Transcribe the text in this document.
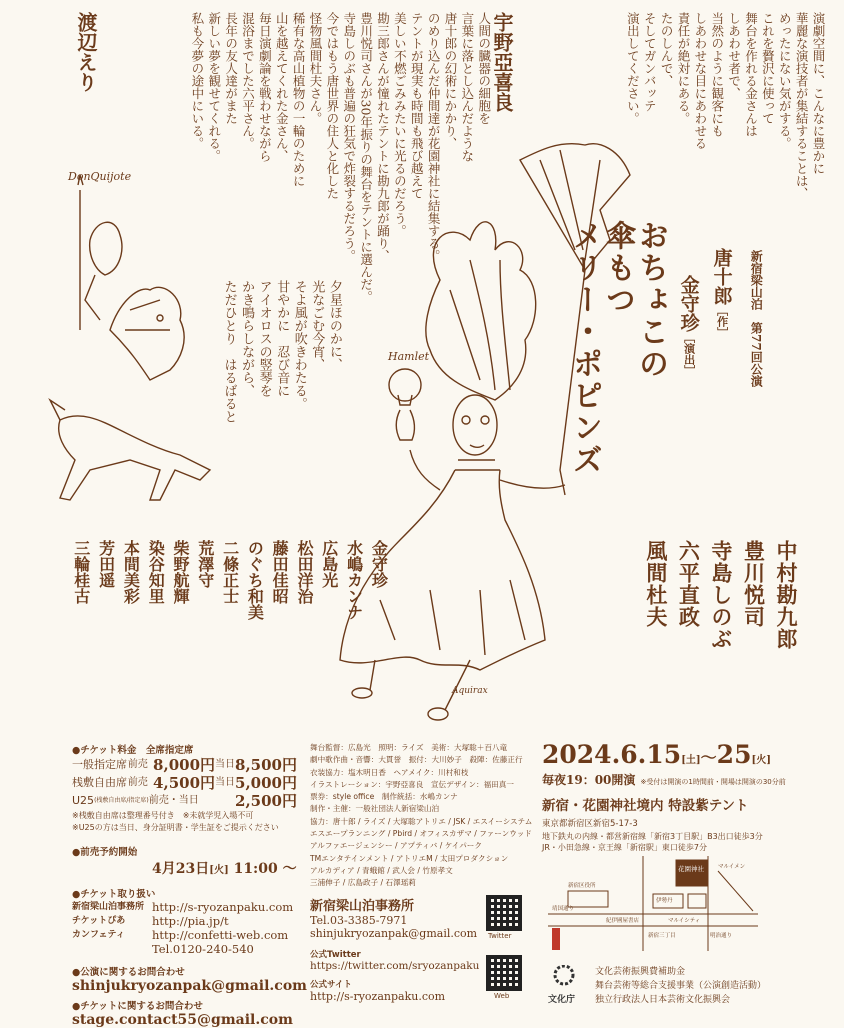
演劇空間に、こんなに豊かに
華麗な演技者が集結することは、
めったにない気がする。
これを贅沢に使って
舞台を作れる金さんは
しあわせ者で、
当然のように観客にも
しあわせな目にあわせる
責任が絶対にある。
たのしんで、
そしてガンバッテ
演出してください。
宇野亞喜良
人間の臓器の細胞を
言葉に落とし込んだような
唐十郎の幻術にかかり、
のめり込んだ仲間達が花園神社に結集する。
テントが現実も時間も飛び越えて
美しい不燃ごみみたいに光るのだろう。
勘三郎さんが憧れたテントに勘九郎が踊り、
豊川悦司さんが30年振りの舞台をテントに選んだ。
寺島しのぶも普遍の狂気で炸裂するだろう。
今ではもう唐世界の住人と化した
怪物風間杜夫さん。
稀有な高山植物の一輪のために
山を越えてくれた金さん、
毎日演劇論を戦わせながら
混浴までした六平さん。
長年の友人達がまた
新しい夢を観せてくれる。
私も今夢の途中にいる。
渡辺えり
夕星ほのかに、
光なごむ今宵、
そよ風が吹きわたる。
甘やかに　忍び音に
アイオロスの竪琴を
かき鳴らしながら、
ただひとり　はるばると	新宿梁山泊　第77回公演
唐十郎［作］
金守珍［演出］
おちょこの
傘もつ
メリー・ポピンズ
DonQuijote
Hamlet
Aquirax
中村勘九郎
豊川悦司
寺島しのぶ
六平直政
風間杜夫
金守珍
水嶋カンナ
広島光
松田洋治
藤田佳昭
のぐち和美
二條正士
荒澤守
柴野航輝
染谷知里
本間美彩
芳田遥
三輪桂古
●チケット料金　全席指定席
一般指定席 前売 8,000円 当日 8,500円
桟敷自由席 前売 4,500円 当日 5,000円
U25 (桟敷自由席/指定席) 前売・当日 2,500円
※桟敷自由席は整理番号付き　※未就学児入場不可
※U25の方は当日、身分証明書・学生証をご提示ください
●前売予約開始
4月23日[火] 11:00 ～
●チケット取り扱い
新宿梁山泊事務所 http://s-ryozanpaku.com
チケットぴあ	http://pia.jp/t
カンフェティ	http://confetti-web.com
Tel.0120-240-540
●公演に関するお問合わせ
shinjukryozanpak@gmail.com
●チケットに関するお問合わせ
stage.contact55@gmail.com
舞台監督：広島光　照明：ライズ　美術：大塚聡＋百八竜
劇中歌作曲・音響：大貫誉　振付：大川妙子　殺陣：佐藤正行
衣装協力：塩木明日香　ヘアメイク：川村和枝
イラストレーション：宇野亞喜良　宣伝デザイン：福田真一
票券：style office　制作統括：水嶋カンナ
制作・主催：一般社団法人新宿梁山泊
協力：唐十郎 / ライズ / 大塚聡アトリエ / JSK / エスイーシステム
エスエープランニング / Pbird / オフィスカザマ / ファーンウッド
アルファエージェンシー / アプティバ / ケイパーク
TMエンタテインメント / アトリエM / 太田プロダクション
アルカディア / 青蛾館 / 武人会 / 竹原孝文
三浦伸子 / 広島政子 / 石澤瑶莉
新宿梁山泊事務所
Tel.03-3385-7971
shinjukryozanpak@gmail.com
公式Twitter
https://twitter.com/sryozanpaku
公式サイト
http://s-ryozanpaku.com
Twitter
Web
2024.6.15[土]～25[火]
毎夜19：00開演 ※受付は開演の1時間前・開場は開演の30分前
新宿・花園神社境内 特設紫テント
東京都新宿区新宿5-17-3
地下鉄丸の内線・都営新宿線「新宿3丁目駅」B3出口徒歩3分
JR・小田急線・京王線「新宿駅」東口徒歩7分
花園神社	マルイメン
新宿区役所
紀伊國屋書店
伊勢丹
マルイシティ
新宿三丁目	明治通り
靖国通り
文化庁
文化芸術振興費補助金
舞台芸術等総合支援事業（公演創造活動）
独立行政法人日本芸術文化振興会
